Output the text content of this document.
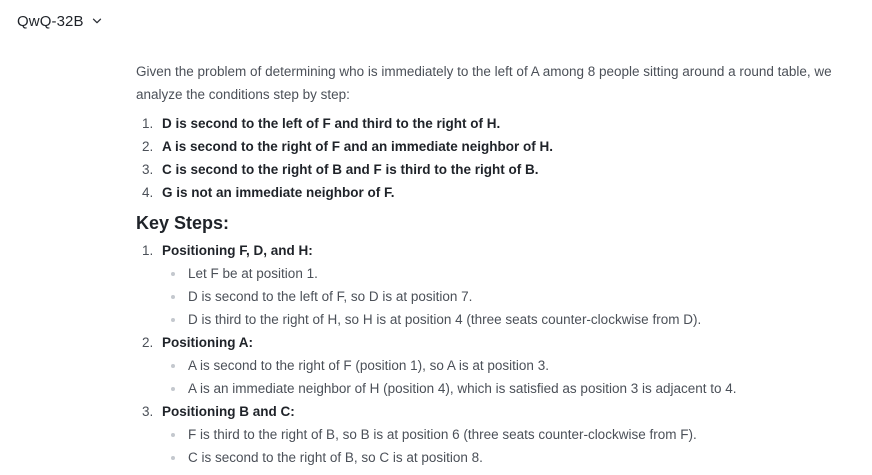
QwQ-32B

Given the problem of determining who is immediately to the left of A among 8 people sitting around a round table, we analyze the conditions step by step:

1. D is second to the left of F and third to the right of H.
2. A is second to the right of F and an immediate neighbor of H.
3. C is second to the right of B and F is third to the right of B.
4. G is not an immediate neighbor of F.
Key Steps:
1. Positioning F, D, and H:
Let F be at position 1.
D is second to the left of F, so D is at position 7.
D is third to the right of H, so H is at position 4 (three seats counter-clockwise from D).
2. Positioning A:
A is second to the right of F (position 1), so A is at position 3.
A is an immediate neighbor of H (position 4), which is satisfied as position 3 is adjacent to 4.
3. Positioning B and C:
F is third to the right of B, so B is at position 6 (three seats counter-clockwise from F).
C is second to the right of B, so C is at position 8.
